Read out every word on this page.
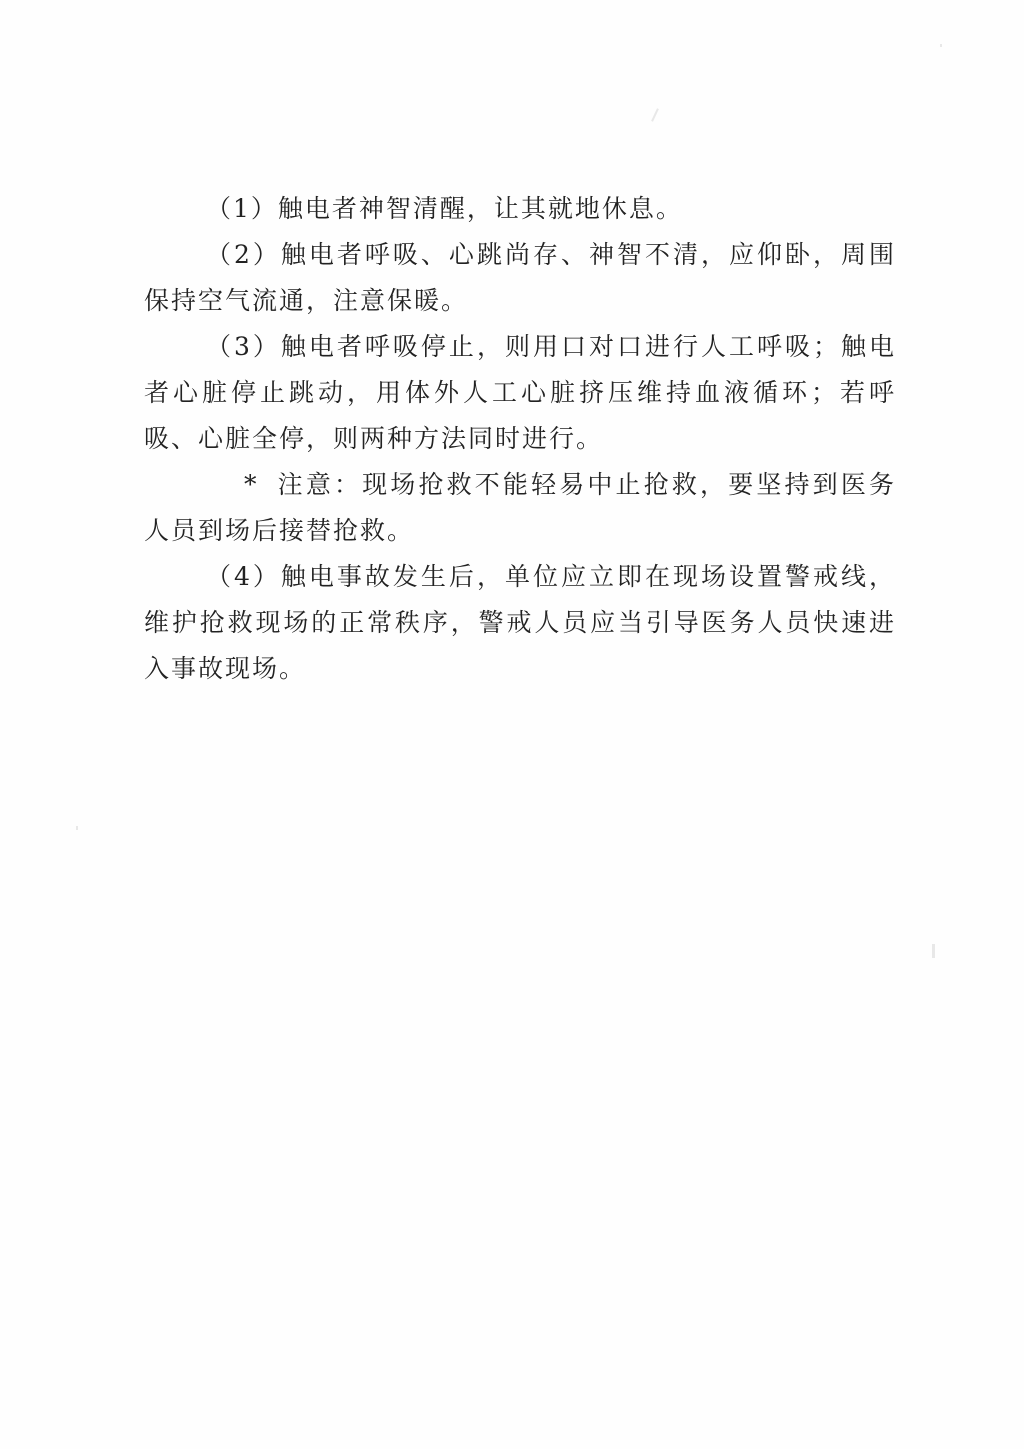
（1）触电者神智清醒，让其就地休息。

（2）触电者呼吸、心跳尚存、神智不清，应仰卧，周围保持空气流通，注意保暖。

（3）触电者呼吸停止，则用口对口进行人工呼吸；触电者心脏停止跳动，用体外人工心脏挤压维持血液循环；若呼吸、心脏全停，则两种方法同时进行。

* 注意：现场抢救不能轻易中止抢救，要坚持到医务人员到场后接替抢救。

（4）触电事故发生后，单位应立即在现场设置警戒线，维护抢救现场的正常秩序，警戒人员应当引导医务人员快速进入事故现场。
